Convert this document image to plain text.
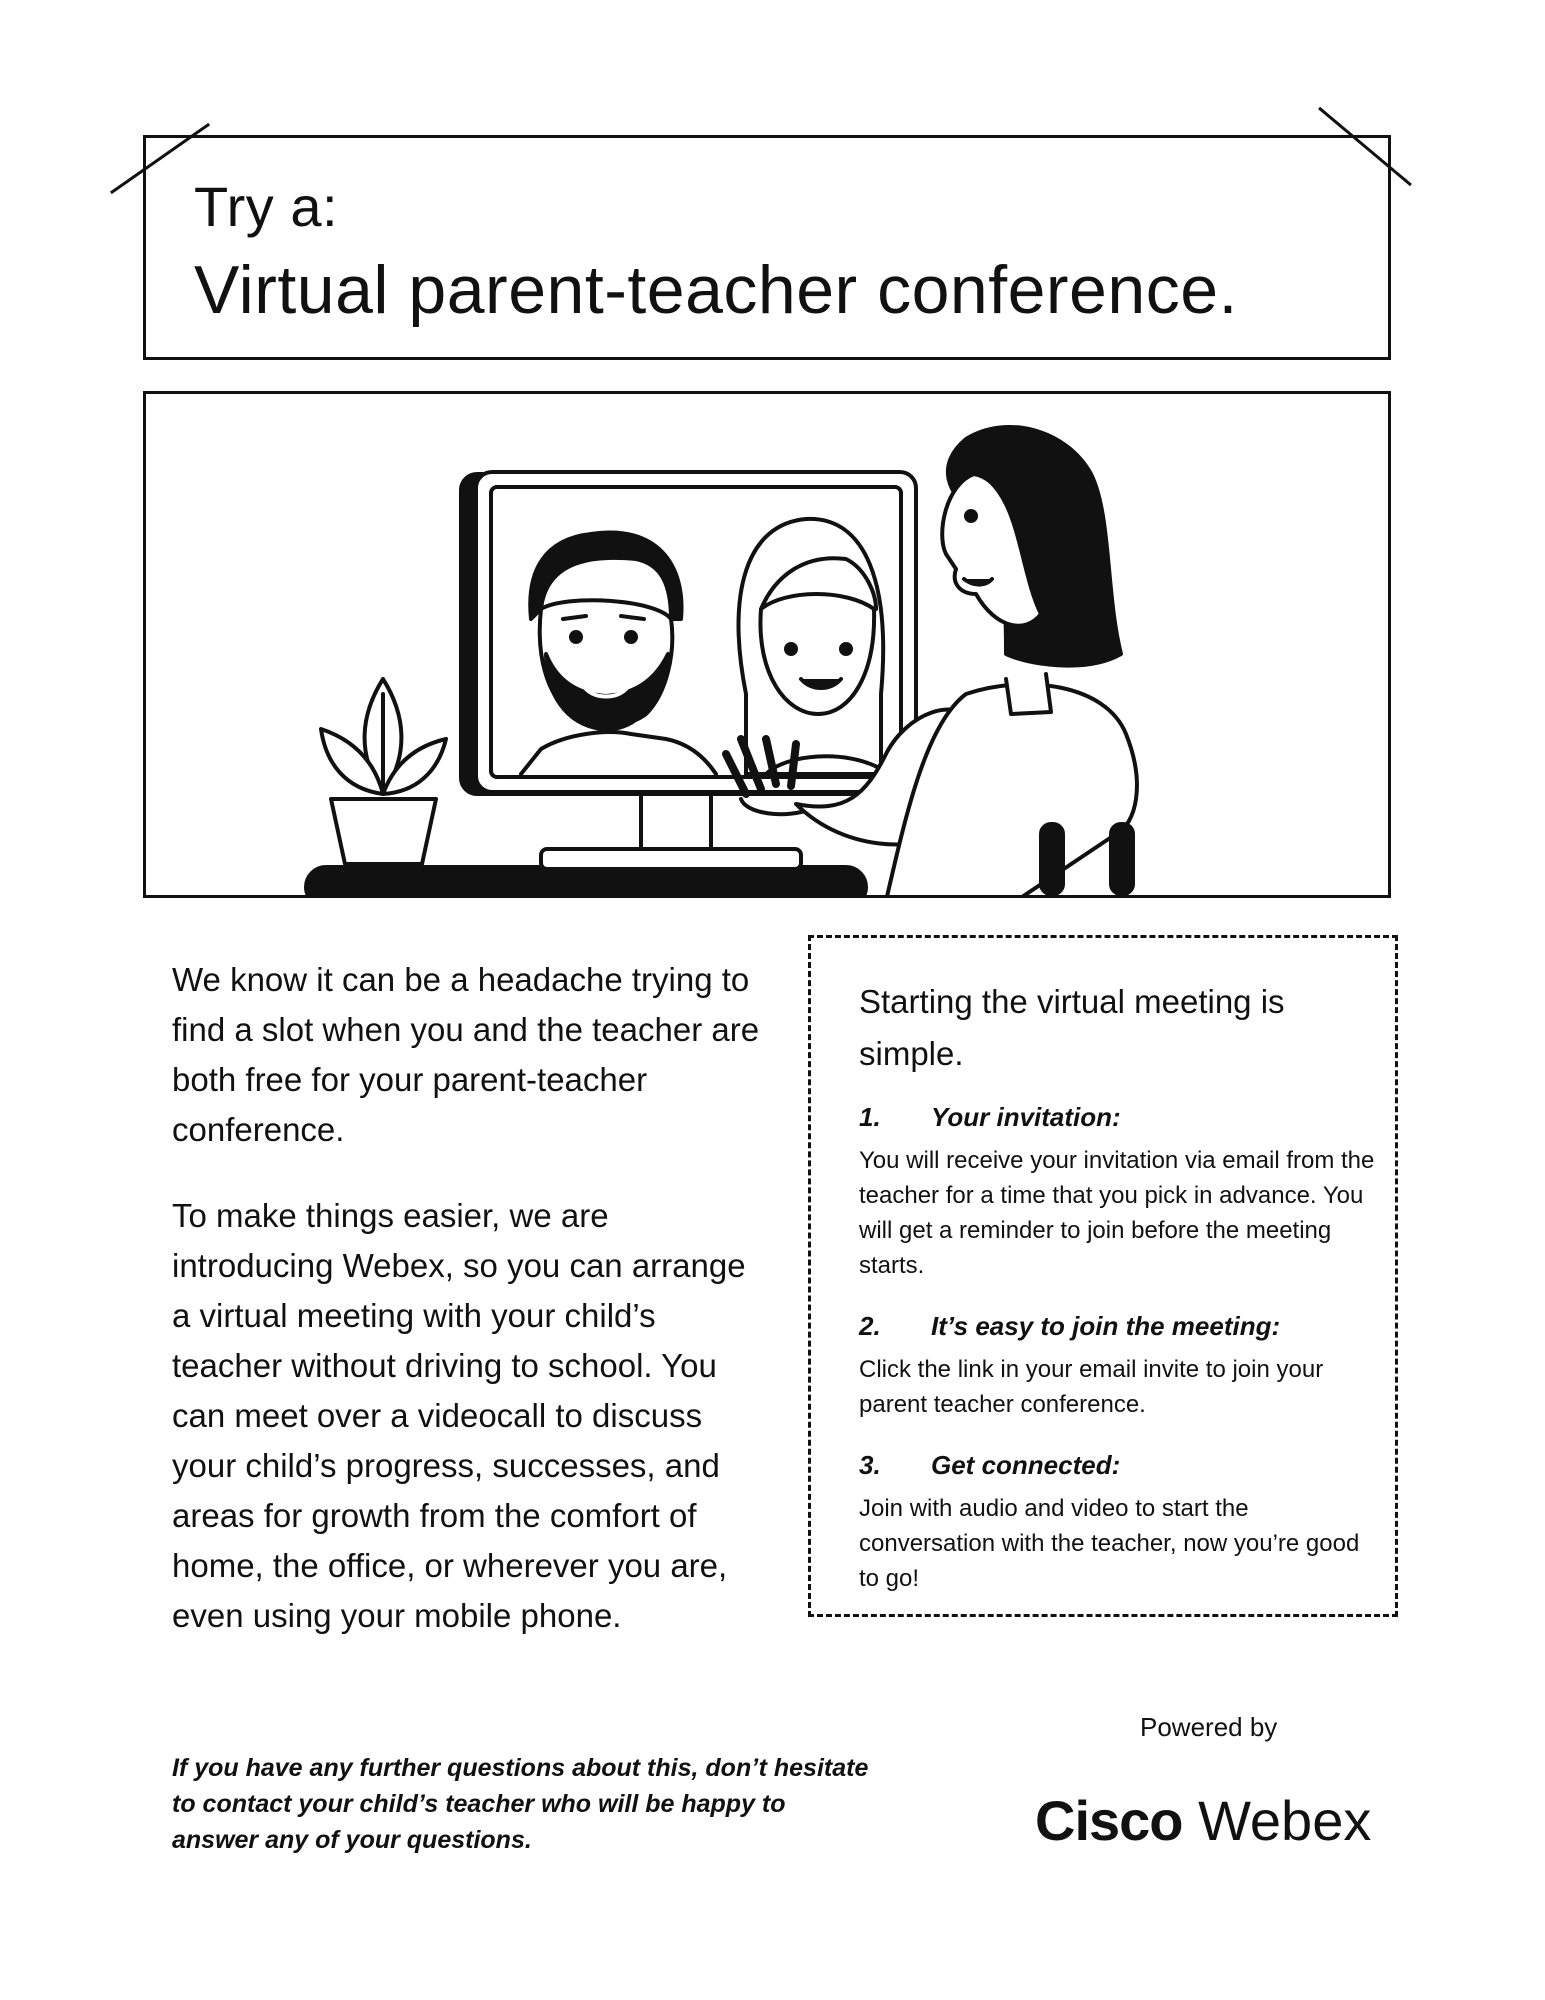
Try a:
Virtual parent-teacher conference.

We know it can be a headache trying to find a slot when you and the teacher are both free for your parent-teacher conference.

To make things easier, we are introducing Webex, so you can arrange a virtual meeting with your child’s teacher without driving to school. You can meet over a videocall to discuss your child’s progress, successes, and areas for growth from the comfort of home, the office, or wherever you are, even using your mobile phone.

Starting the virtual meeting is simple.

1. Your invitation:

You will receive your invitation via email from the teacher for a time that you pick in advance. You will get a reminder to join before the meeting starts.

2. It’s easy to join the meeting:

Click the link in your email invite to join your parent teacher conference.

3. Get connected:

Join with audio and video to start the conversation with the teacher, now you’re good to go!

If you have any further questions about this, don’t hesitate to contact your child’s teacher who will be happy to answer any of your questions.
Powered by
Cisco Webex
